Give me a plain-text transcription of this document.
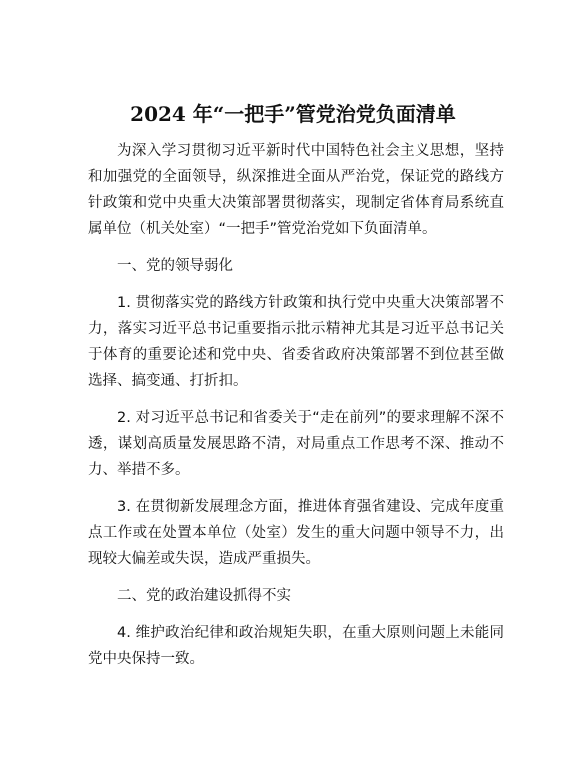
2024 年“一把手”管党治党负面清单

为深入学习贯彻习近平新时代中国特色社会主义思想，坚持和加强党的全面领导，纵深推进全面从严治党，保证党的路线方针政策和党中央重大决策部署贯彻落实，现制定省体育局系统直属单位（机关处室）“一把手”管党治党如下负面清单。

一、党的领导弱化

1. 贯彻落实党的路线方针政策和执行党中央重大决策部署不力，落实习近平总书记重要指示批示精神尤其是习近平总书记关于体育的重要论述和党中央、省委省政府决策部署不到位甚至做选择、搞变通、打折扣。

2. 对习近平总书记和省委关于“走在前列”的要求理解不深不透，谋划高质量发展思路不清，对局重点工作思考不深、推动不力、举措不多。

3. 在贯彻新发展理念方面，推进体育强省建设、完成年度重点工作或在处置本单位（处室）发生的重大问题中领导不力，出现较大偏差或失误，造成严重损失。

二、党的政治建设抓得不实

4. 维护政治纪律和政治规矩失职，在重大原则问题上未能同党中央保持一致。
